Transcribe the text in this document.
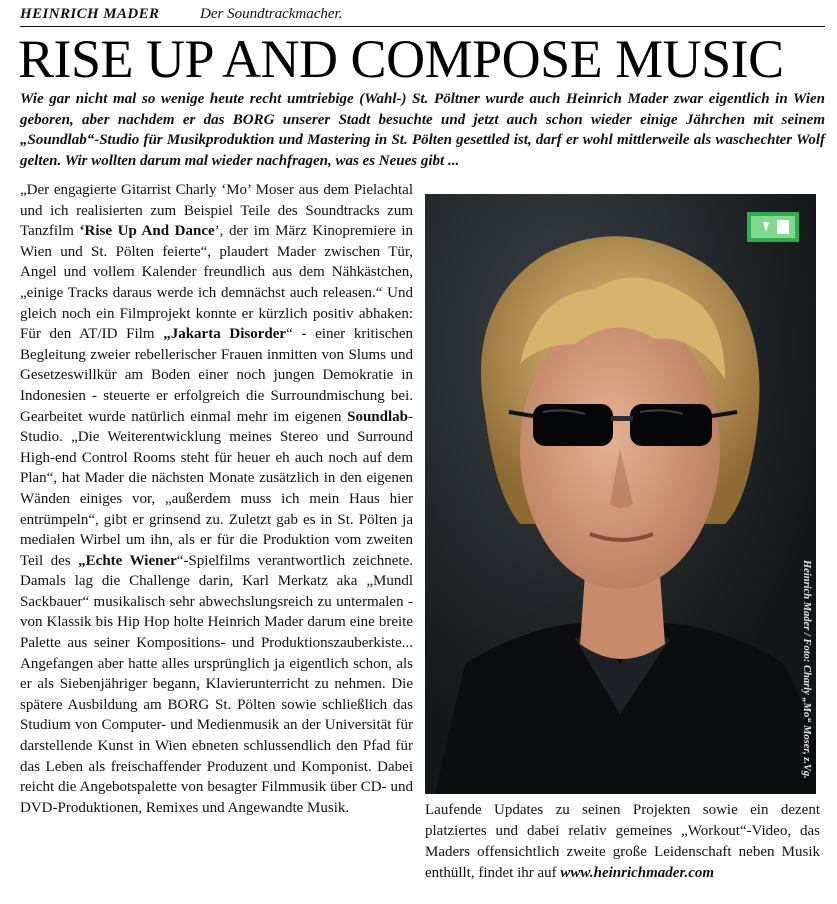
HEINRICH MADER	Der Soundtrackmacher.
RISE UP AND COMPOSE MUSIC
Wie gar nicht mal so wenige heute recht umtriebige (Wahl-) St. Pöltner wurde auch Heinrich Mader zwar eigentlich in Wien geboren, aber nachdem er das BORG unserer Stadt besuchte und jetzt auch schon wieder einige Jährchen mit seinem „Soundlab“-Studio für Musikproduktion und Mastering in St. Pölten gesettled ist, darf er wohl mittlerweile als waschechter Wolf gelten. Wir wollten darum mal wieder nachfragen, was es Neues gibt ...

„Der engagierte Gitarrist Charly ‘Mo’ Moser aus dem Pielachtal und ich realisierten zum Beispiel Teile des Soundtracks zum Tanzfilm ‘Rise Up And Dance’, der im März Kinopremiere in Wien und St. Pölten feierte“, plaudert Mader zwischen Tür, Angel und vollem Kalender freundlich aus dem Nähkästchen, „einige Tracks daraus werde ich demnächst auch releasen.“ Und gleich noch ein Filmprojekt konnte er kürzlich positiv abhaken: Für den AT/ID Film „Jakarta Disorder“ - einer kritischen Begleitung zweier rebellerischer Frauen inmitten von Slums und Gesetzeswillkür am Boden einer noch jungen Demokratie in Indonesien - steuerte er erfolgreich die Surroundmischung bei. Gearbeitet wurde natürlich einmal mehr im eigenen Soundlab-Studio. „Die Weiterentwicklung meines Stereo und Surround High-end Control Rooms steht für heuer eh auch noch auf dem Plan“, hat Mader die nächsten Monate zusätzlich in den eigenen Wänden einiges vor, „außerdem muss ich mein Haus hier entrümpeln“, gibt er grinsend zu. Zuletzt gab es in St. Pölten ja medialen Wirbel um ihn, als er für die Produktion vom zweiten Teil des „Echte Wiener“-Spielfilms verantwortlich zeichnete. Damals lag die Challenge darin, Karl Merkatz aka „Mundl Sackbauer“ musikalisch sehr abwechslungsreich zu untermalen - von Klassik bis Hip Hop holte Heinrich Mader darum eine breite Palette aus seiner Kompositions- und Produktionszauberkiste... Angefangen aber hatte alles ursprünglich ja eigentlich schon, als er als Siebenjähriger begann, Klavierunterricht zu nehmen. Die spätere Ausbildung am BORG St. Pölten sowie schließlich das Studium von Computer- und Medienmusik an der Universität für darstellende Kunst in Wien ebneten schlussendlich den Pfad für das Leben als freischaffender Produzent und Komponist. Dabei reicht die Angebotspalette von besagter Filmmusik über CD- und DVD-Produktionen, Remixes und Angewandte Musik.

Heinrich Mader / Foto: Charly „Mo“ Moser, z.Vg.
Laufende Updates zu seinen Projekten sowie ein dezent platziertes und dabei relativ gemeines „Workout“-Video, das Maders offensichtlich zweite große Leidenschaft neben Musik enthüllt, findet ihr auf www.heinrichmader.com
